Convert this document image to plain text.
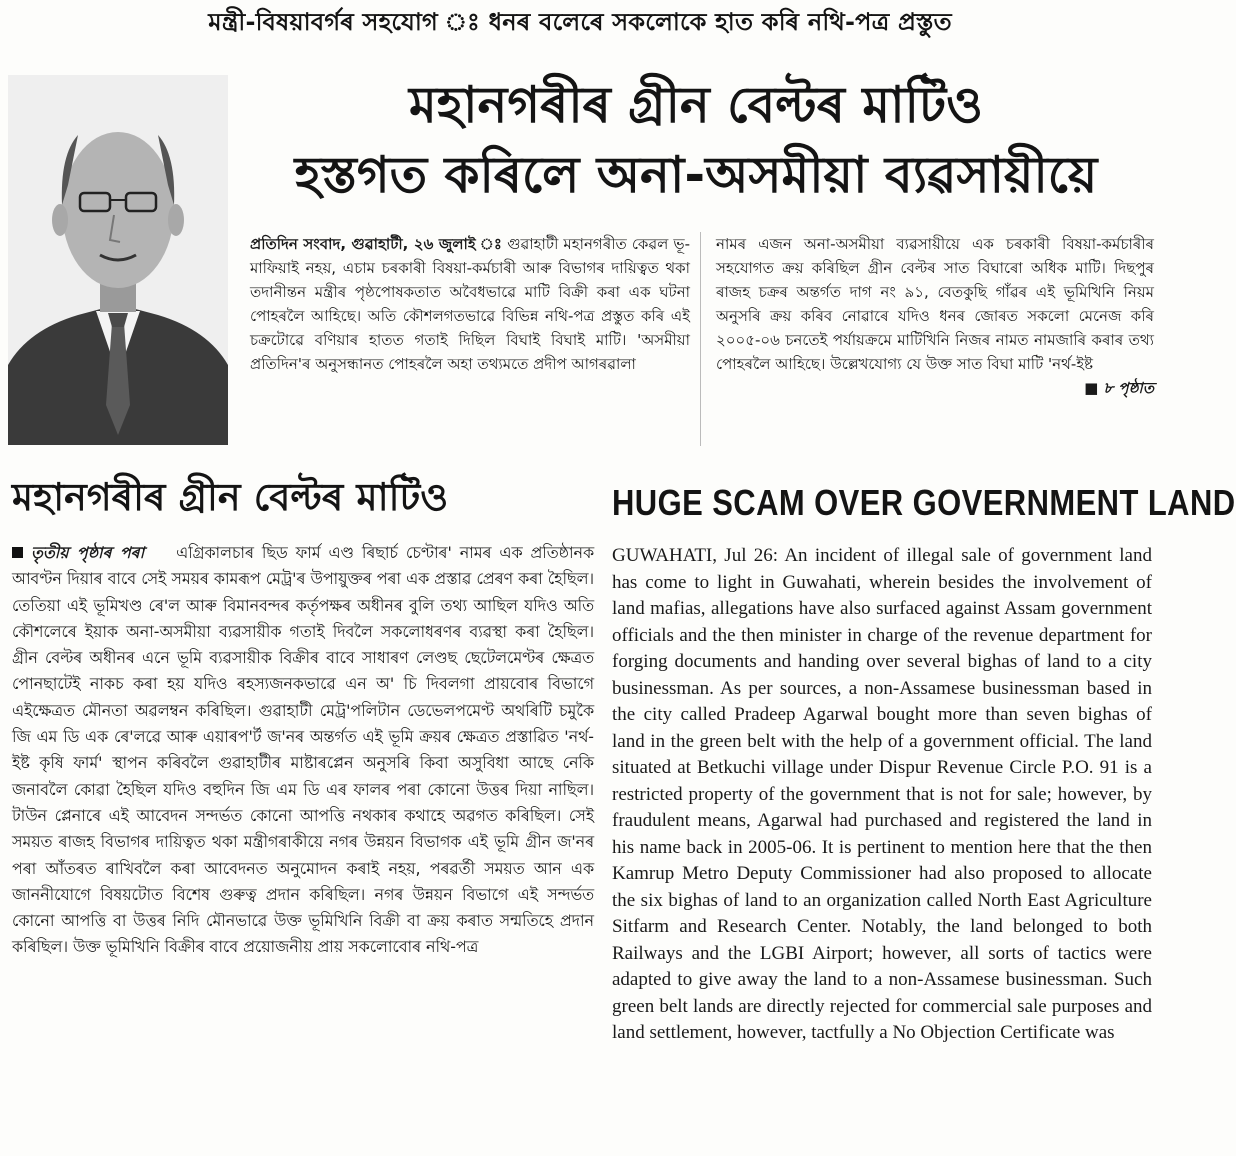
মন্ত্ৰী-বিষয়াবৰ্গৰ সহযোগ ঃ ধনৰ বলেৰে সকলোকে হাত কৰি নথি-পত্ৰ প্ৰস্তুত
মহানগৰীৰ গ্ৰীন বেল্টৰ মাটিও
হস্তগত কৰিলে অনা-অসমীয়া ব্যৱসায়ীয়ে

প্ৰতিদিন সংবাদ, গুৱাহাটী, ২৬ জুলাই ঃ গুৱাহাটী মহানগৰীত কেৱল ভূ-মাফিয়াই নহয়, এচাম চৰকাৰী বিষয়া-কৰ্মচাৰী আৰু বিভাগৰ দায়িত্বত থকা তদানীন্তন মন্ত্ৰীৰ পৃষ্ঠপোষকতাত অবৈধভাৱে মাটি বিক্ৰী কৰা এক ঘটনা পোহৰলৈ আহিছে। অতি কৌশলগতভাৱে বিভিন্ন নথি-পত্ৰ প্ৰস্তুত কৰি এই চক্ৰটোৱে বণিয়াৰ হাতত গতাই দিছিল বিঘাই বিঘাই মাটি। 'অসমীয়া প্ৰতিদিন'ৰ অনুসন্ধানত পোহৰলৈ অহা তথ্যমতে প্ৰদীপ আগৰৱালা

নামৰ এজন অনা-অসমীয়া ব্যৱসায়ীয়ে এক চৰকাৰী বিষয়া-কৰ্মচাৰীৰ সহযোগত ক্ৰয় কৰিছিল গ্ৰীন বেল্টৰ সাত বিঘাৰো অধিক মাটি। দিছপুৰ ৰাজহ চক্ৰৰ অন্তৰ্গত দাগ নং ৯১, বেতকুছি গাঁৱৰ এই ভূমিখিনি নিয়ম অনুসৰি ক্ৰয় কৰিব নোৱাৰে যদিও ধনৰ জোৰত সকলো মেনেজ কৰি ২০০৫-০৬ চনতেই পৰ্যায়ক্ৰমে মাটিখিনি নিজৰ নামত নামজাৰি কৰাৰ তথ্য পোহৰলৈ আহিছে। উল্লেখযোগ্য যে উক্ত সাত বিঘা মাটি 'নৰ্থ-ইষ্ট

■ ৮ পৃষ্ঠাত

মহানগৰীৰ গ্ৰীন বেল্টৰ মাটিও

তৃতীয় পৃষ্ঠাৰ পৰা এগ্ৰিকালচাৰ ছিড ফাৰ্ম এণ্ড ৰিছাৰ্চ চেণ্টাৰ' নামৰ এক প্ৰতিষ্ঠানক আবণ্টন দিয়াৰ বাবে সেই সময়ৰ কামৰূপ মেট্ৰ'ৰ উপায়ুক্তৰ পৰা এক প্ৰস্তাৱ প্ৰেৰণ কৰা হৈছিল। তেতিয়া এই ভূমিখণ্ড ৰে'ল আৰু বিমানবন্দৰ কৰ্তৃপক্ষৰ অধীনৰ বুলি তথ্য আছিল যদিও অতি কৌশলেৰে ইয়াক অনা-অসমীয়া ব্যৱসায়ীক গতাই দিবলৈ সকলোধৰণৰ ব্যৱস্থা কৰা হৈছিল। গ্ৰীন বেল্টৰ অধীনৰ এনে ভূমি ব্যৱসায়ীক বিক্ৰীৰ বাবে সাধাৰণ লেণ্ডছ ছেটেলমেণ্টৰ ক্ষেত্ৰত পোনছাটেই নাকচ কৰা হয় যদিও ৰহস্যজনকভাৱে এন অ' চি দিবলগা প্ৰায়বোৰ বিভাগে এইক্ষেত্ৰত মৌনতা অৱলম্বন কৰিছিল। গুৱাহাটী মেট্ৰ'পলিটান ডেভেলপমেণ্ট অথৰিটি চমুকৈ জি এম ডি এক ৰে'লৱে আৰু এয়াৰপ'ৰ্ট জ'নৰ অন্তৰ্গত এই ভূমি ক্ৰয়ৰ ক্ষেত্ৰত প্ৰস্তাৱিত 'নৰ্থ-ইষ্ট কৃষি ফাৰ্ম' স্থাপন কৰিবলৈ গুৱাহাটীৰ মাষ্টাৰপ্লেন অনুসৰি কিবা অসুবিধা আছে নেকি জনাবলৈ কোৱা হৈছিল যদিও বহুদিন জি এম ডি এৰ ফালৰ পৰা কোনো উত্তৰ দিয়া নাছিল। টাউন প্লেনাৰে এই আবেদন সন্দৰ্ভত কোনো আপত্তি নথকাৰ কথাহে অৱগত কৰিছিল। সেই সময়ত ৰাজহ বিভাগৰ দায়িত্বত থকা মন্ত্ৰীগৰাকীয়ে নগৰ উন্নয়ন বিভাগক এই ভূমি গ্ৰীন জ'নৰ পৰা আঁতৰত ৰাখিবলৈ কৰা আবেদনত অনুমোদন কৰাই নহয়, পৰৱৰ্তী সময়ত আন এক জাননীযোগে বিষয়টোত বিশেষ গুৰুত্ব প্ৰদান কৰিছিল। নগৰ উন্নয়ন বিভাগে এই সন্দৰ্ভত কোনো আপত্তি বা উত্তৰ নিদি মৌনভাৱে উক্ত ভূমিখিনি বিক্ৰী বা ক্ৰয় কৰাত সন্মতিহে প্ৰদান কৰিছিল। উক্ত ভূমিখিনি বিক্ৰীৰ বাবে প্ৰয়োজনীয় প্ৰায় সকলোবোৰ নথি-পত্ৰ

HUGE SCAM OVER GOVERNMENT LAND

GUWAHATI, Jul 26: An incident of illegal sale of government land has come to light in Guwahati, wherein besides the involvement of land mafias, allegations have also surfaced against Assam government officials and the then minister in charge of the revenue department for forging documents and handing over several bighas of land to a city businessman. As per sources, a non-Assamese businessman based in the city called Pradeep Agarwal bought more than seven bighas of land in the green belt with the help of a government official. The land situated at Betkuchi village under Dispur Revenue Circle P.O. 91 is a restricted property of the government that is not for sale; however, by fraudulent means, Agarwal had purchased and registered the land in his name back in 2005-06. It is pertinent to mention here that the then Kamrup Metro Deputy Commissioner had also proposed to allocate the six bighas of land to an organization called North East Agriculture Sitfarm and Research Center. Notably, the land belonged to both Railways and the LGBI Airport; however, all sorts of tactics were adapted to give away the land to a non-Assamese businessman. Such green belt lands are directly rejected for commercial sale purposes and land settlement, however, tactfully a No Objection Certificate was
